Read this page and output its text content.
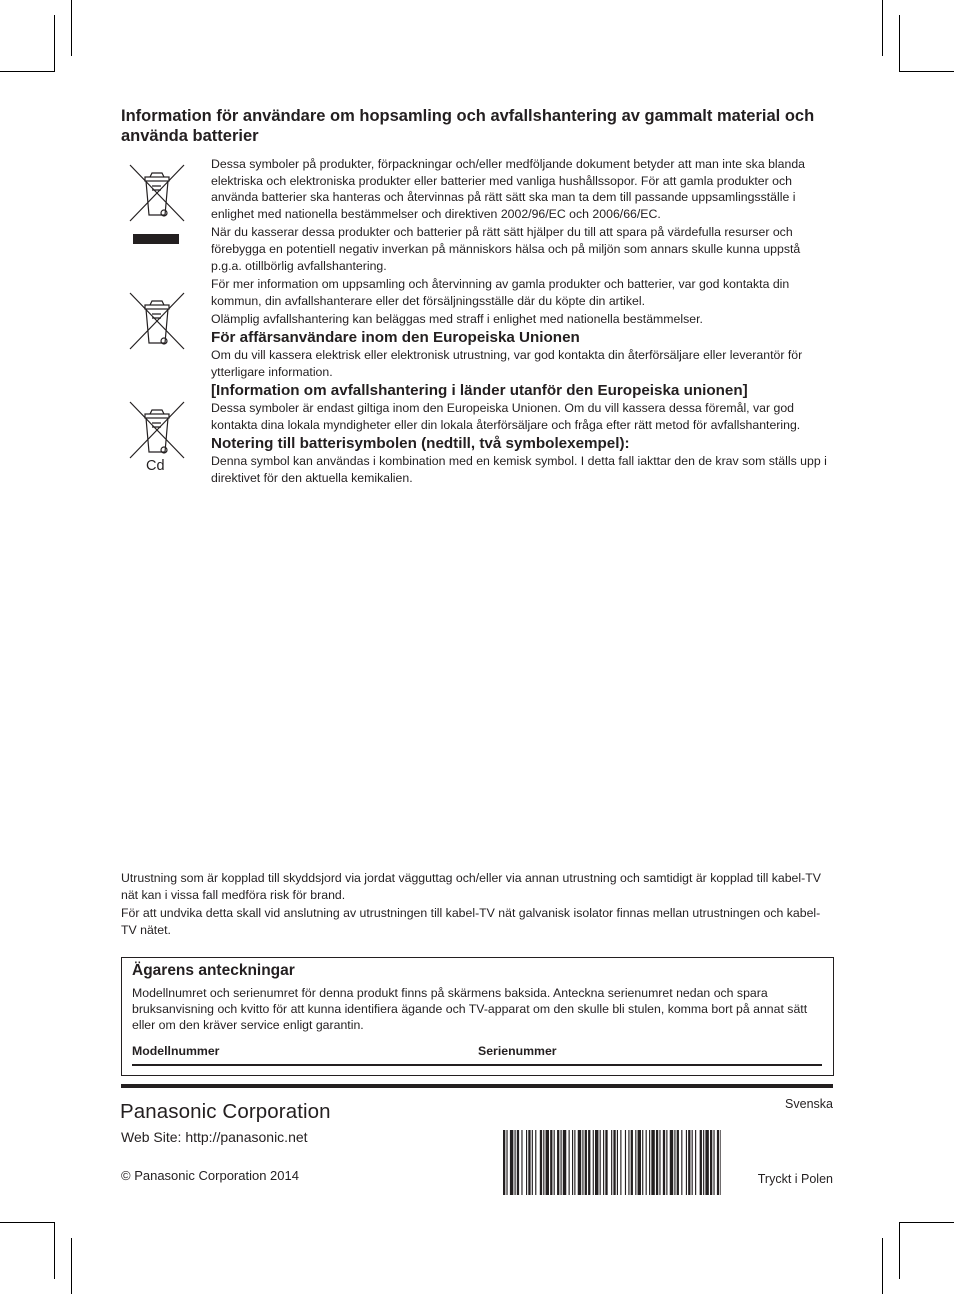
Information för användare om hopsamling och avfallshantering av gammalt material och använda batterier
Cd

Dessa symboler på produkter, förpackningar och/eller medföljande dokument betyder att man inte ska blanda elektriska och elektroniska produkter eller batterier med vanliga hushållssopor. För att gamla produkter och använda batterier ska hanteras och återvinnas på rätt sätt ska man ta dem till passande uppsamlingsställe i enlighet med nationella bestämmelser och direktiven 2002/96/EC och 2006/66/EC.

När du kasserar dessa produkter och batterier på rätt sätt hjälper du till att spara på värdefulla resurser och förebygga en potentiell negativ inverkan på människors hälsa och på miljön som annars skulle kunna uppstå p.g.a. otillbörlig avfallshantering.

För mer information om uppsamling och återvinning av gamla produkter och batterier, var god kontakta din kommun, din avfallshanterare eller det försäljningsställe där du köpte din artikel.

Olämplig avfallshantering kan beläggas med straff i enlighet med nationella bestämmelser.

För affärsanvändare inom den Europeiska Unionen

Om du vill kassera elektrisk eller elektronisk utrustning, var god kontakta din återförsäljare eller leverantör för ytterligare information.

[Information om avfallshantering i länder utanför den Europeiska unionen]

Dessa symboler är endast giltiga inom den Europeiska Unionen. Om du vill kassera dessa föremål, var god kontakta dina lokala myndigheter eller din lokala återförsäljare och fråga efter rätt metod för avfallshantering.

Notering till batterisymbolen (nedtill, två symbolexempel):

Denna symbol kan användas i kombination med en kemisk symbol. I detta fall iakttar den de krav som ställs upp i direktivet för den aktuella kemikalien.

Utrustning som är kopplad till skyddsjord via jordat vägguttag och/eller via annan utrustning och samtidigt är kopplad till kabel-TV nät kan i vissa fall medföra risk för brand.

För att undvika detta skall vid anslutning av utrustningen till kabel-TV nät galvanisk isolator finnas mellan utrustningen och kabel-TV nätet.

Ägarens anteckningar
Modellnumret och serienumret för denna produkt finns på skärmens baksida. Anteckna serienumret nedan och spara bruksanvisning och kvitto för att kunna identifiera ägande och TV-apparat om den skulle bli stulen, komma bort på annat sätt eller om den kräver service enligt garantin.
Modellnummer	Serienummer
Panasonic Corporation
Web Site: http://panasonic.net
© Panasonic Corporation 2014
Svenska
Tryckt i Polen
